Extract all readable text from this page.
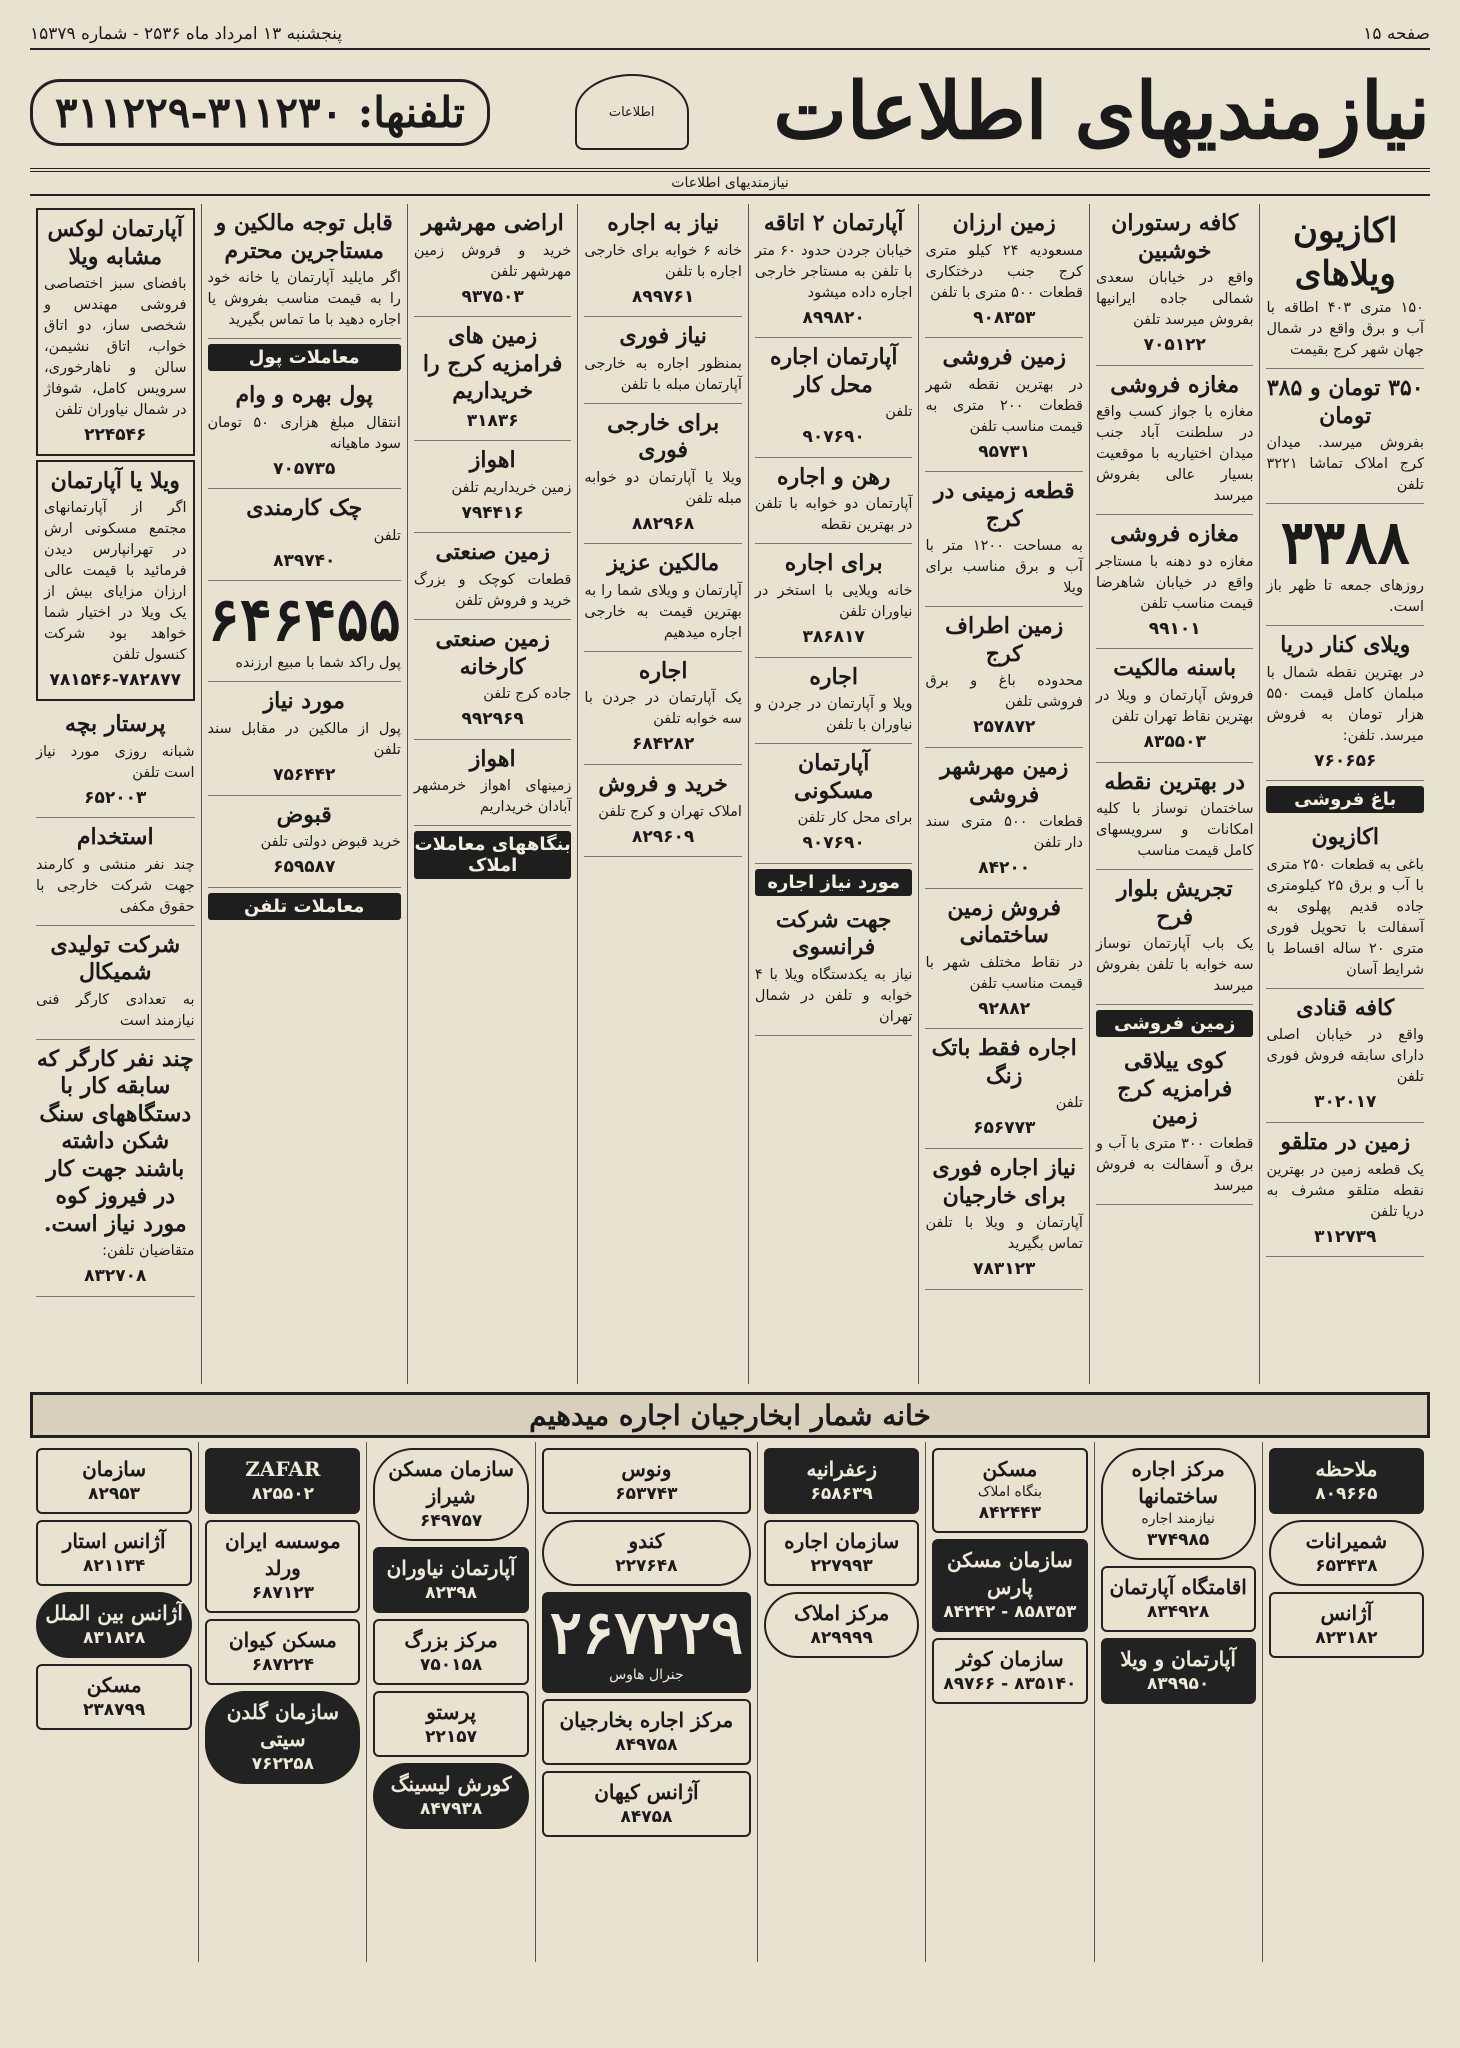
صفحه ۱۵
پنجشنبه ۱۳ امرداد ماه ۲۵۳۶ - شماره ۱۵۳۷۹
نیازمندیهای اطلاعات
اطلاعات
تلفنها: ۳۱۱۲۳۰-۳۱۱۲۲۹
نیازمندیهای اطلاعات
اکازیون ویلاهای
۱۵۰ متری ۴۰۳ اطاقه با آب و برق واقع در شمال جهان شهر کرج بقیمت
۳۵۰ تومان و ۳۸۵ تومان
بفروش میرسد. میدان کرج املاک تماشا ۳۲۲۱ تلفن
۳۳۸۸
روزهای جمعه تا ظهر باز است.
ویلای کنار دریا
در بهترین نقطه شمال با مبلمان کامل قیمت ۵۵۰ هزار تومان به فروش میرسد. تلفن:
۷۶۰۶۵۶
باغ فروشی
اکازیون
باغی به قطعات ۲۵۰ متری با آب و برق ۲۵ کیلومتری جاده قدیم پهلوی به آسفالت با تحویل فوری متری ۲۰ ساله اقساط با شرایط آسان
کافه قنادی
واقع در خیابان اصلی دارای سابقه فروش فوری تلفن
۳۰۲۰۱۷
زمین در متلقو
یک قطعه زمین در بهترین نقطه متلقو مشرف به دریا تلفن
۳۱۲۷۳۹
کافه رستوران خوشبین
واقع در خیابان سعدی شمالی جاده ایرانیها بفروش میرسد تلفن
۷۰۵۱۲۲
مغازه فروشی
مغازه با جواز کسب واقع در سلطنت آباد جنب میدان اختیاریه با موقعیت بسیار عالی بفروش میرسد
مغازه فروشی
مغازه دو دهنه با مستاجر واقع در خیابان شاهرضا قیمت مناسب تلفن
۹۹۱۰۱
باسنه مالکیت
فروش آپارتمان و ویلا در بهترین نقاط تهران تلفن
۸۳۵۵۰۳
در بهترین نقطه
ساختمان نوساز با کلیه امکانات و سرویسهای کامل قیمت مناسب
تجریش بلوار فرح
یک باب آپارتمان نوساز سه خوابه با تلفن بفروش میرسد
زمین فروشی
کوی ییلاقی فرامزیه کرج زمین
قطعات ۳۰۰ متری با آب و برق و آسفالت به فروش میرسد
زمین ارزان
مسعودیه ۲۴ کیلو متری کرج جنب درختکاری قطعات ۵۰۰ متری با تلفن
۹۰۸۳۵۳
زمین فروشی
در بهترین نقطه شهر قطعات ۲۰۰ متری به قیمت مناسب تلفن
۹۵۷۳۱
قطعه زمینی در کرج
به مساحت ۱۲۰۰ متر با آب و برق مناسب برای ویلا
زمین اطراف کرج
محدوده باغ و برق فروشی تلفن
۲۵۷۸۷۲
زمین مهرشهر فروشی
قطعات ۵۰۰ متری سند دار تلفن
۸۴۲۰۰
فروش زمین ساختمانی
در نقاط مختلف شهر با قیمت مناسب تلفن
۹۲۸۸۲
اجاره فقط باتک زنگ
تلفن
۶۵۶۷۷۳
نیاز اجاره فوری برای خارجیان
آپارتمان و ویلا با تلفن تماس بگیرید
۷۸۳۱۲۳
آپارتمان ۲ اتاقه
خیابان جردن حدود ۶۰ متر با تلفن به مستاجر خارجی اجاره داده میشود
۸۹۹۸۲۰
آپارتمان اجاره محل کار
تلفن
۹۰۷۶۹۰
رهن و اجاره
آپارتمان دو خوابه با تلفن در بهترین نقطه
برای اجاره
خانه ویلایی با استخر در نیاوران تلفن
۳۸۶۸۱۷
اجاره
ویلا و آپارتمان در جردن و نیاوران با تلفن
آپارتمان مسکونی
برای محل کار تلفن
۹۰۷۶۹۰
مورد نیاز اجاره
جهت شرکت فرانسوی
نیاز به یکدستگاه ویلا با ۴ خوابه و تلفن در شمال تهران
نیاز به اجاره
خانه ۶ خوابه برای خارجی اجاره با تلفن
۸۹۹۷۶۱
نیاز فوری
بمنظور اجاره به خارجی آپارتمان مبله با تلفن
برای خارجی فوری
ویلا یا آپارتمان دو خوابه مبله تلفن
۸۸۲۹۶۸
مالکین عزیز
آپارتمان و ویلای شما را به بهترین قیمت به خارجی اجاره میدهیم
اجاره
یک آپارتمان در جردن با سه خوابه تلفن
۶۸۴۲۸۲
خرید و فروش
املاک تهران و کرج تلفن
۸۲۹۶۰۹
اراضی مهرشهر
خرید و فروش زمین مهرشهر تلفن
۹۳۷۵۰۳
زمین های فرامزیه کرج را خریداریم
۳۱۸۳۶
اهواز
زمین خریداریم تلفن
۷۹۴۴۱۶
زمین صنعتی
قطعات کوچک و بزرگ خرید و فروش تلفن
زمین صنعتی کارخانه
جاده کرج تلفن
۹۹۲۹۶۹
اهواز
زمینهای اهواز خرمشهر آبادان خریداریم
بنگاههای معاملات املاک
قابل توجه مالکین و مستاجرین محترم
اگر مایلید آپارتمان یا خانه خود را به قیمت مناسب بفروش یا اجاره دهید با ما تماس بگیرید
معاملات پول
پول بهره و وام
انتقال مبلغ هزاری ۵۰ تومان سود ماهیانه
۷۰۵۷۳۵
چک کارمندی
تلفن
۸۳۹۷۴۰
۶۴۶۴۵۵
پول راکد شما با مبیع ارزنده
مورد نیاز
پول از مالکین در مقابل سند تلفن
۷۵۶۴۴۲
قبوض
خرید قبوض دولتی تلفن
۶۵۹۵۸۷
معاملات تلفن
آپارتمان لوکس مشابه ویلا
بافضای سبز اختصاصی فروشی مهندس و شخصی ساز، دو اتاق خواب، اتاق نشیمن، سالن و ناهارخوری، سرویس کامل، شوفاژ در شمال نیاوران تلفن
۲۲۴۵۴۶
ویلا یا آپارتمان
اگر از آپارتمانهای مجتمع مسکونی ارش در تهرانپارس دیدن فرمائید با قیمت عالی ارزان مزایای بیش از یک ویلا در اختیار شما خواهد بود شرکت کنسول تلفن
۷۸۱۵۴۶-۷۸۲۸۷۷
پرستار بچه
شبانه روزی مورد نیاز است تلفن
۶۵۲۰۰۳
استخدام
چند نفر منشی و کارمند جهت شرکت خارجی با حقوق مکفی
شرکت تولیدی شمیکال
به تعدادی کارگر فنی نیازمند است
چند نفر کارگر که سابقه کار با دستگاههای سنگ شکن داشته باشند جهت کار در فیروز کوه مورد نیاز است.
متقاضیان تلفن:
۸۳۲۷۰۸
خانه شمار ابخارجیان اجاره میدهیم
ملاحظه
۸۰۹۶۶۵
شمیرانات
۶۵۳۴۳۸
آژانس
۸۲۳۱۸۲
مرکز اجاره ساختمانها
نیازمند اجاره
۳۷۴۹۸۵
اقامتگاه آپارتمان
۸۳۴۹۲۸
آپارتمان و ویلا
۸۳۹۹۵۰
مسکن
بنگاه املاک
۸۴۲۴۴۳
سازمان مسکن پارس
۸۵۸۳۵۳ - ۸۴۲۴۲
سازمان کوثر
۸۳۵۱۴۰ - ۸۹۷۶۶
زعفرانیه
۶۵۸۶۳۹
سازمان اجاره
۲۲۷۹۹۳
مرکز املاک
۸۲۹۹۹۹
ونوس
۶۵۳۷۴۳
کندو
۲۲۷۶۴۸
۲۶۷۲۲۹
جنرال هاوس
مرکز اجاره بخارجیان
۸۴۹۷۵۸
آژانس کیهان
۸۴۷۵۸
سازمان مسکن شیراز
۶۴۹۷۵۷
آپارتمان نیاوران
۸۲۳۹۸
مرکز بزرگ
۷۵۰۱۵۸
پرستو
۲۲۱۵۷
کورش لیسینگ
۸۴۷۹۳۸
ZAFAR
۸۲۵۵۰۲
موسسه ایران ورلد
۶۸۷۱۲۳
مسکن کیوان
۶۸۷۲۲۴
سازمان گلدن سیتی
۷۶۲۲۵۸
سازمان
۸۲۹۵۳
آژانس استار
۸۲۱۱۳۴
آژانس بین الملل
۸۳۱۸۲۸
مسکن
۲۳۸۷۹۹
